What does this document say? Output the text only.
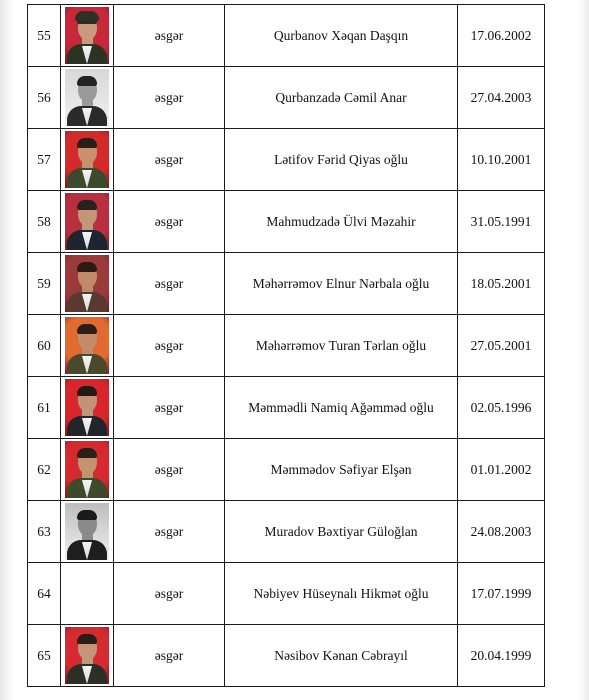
55		əsgər	Qurbanov Xəqan Daşqın	17.06.2002
56		əsgər	Qurbanzadə Cəmil Anar	27.04.2003
57		əsgər	Lətifov Fərid Qiyas oğlu	10.10.2001
58		əsgər	Mahmudzadə Ülvi Məzahir	31.05.1991
59		əsgər	Məhərrəmov Elnur Nərbala oğlu	18.05.2001
60		əsgər	Məhərrəmov Turan Tərlan oğlu	27.05.2001
61		əsgər	Məmmədli Namiq Ağəmməd oğlu	02.05.1996
62		əsgər	Məmmədov Səfiyar Elşən	01.01.2002
63		əsgər	Muradov Bəxtiyar Güloğlan	24.08.2003
64		əsgər	Nəbiyev Hüseynalı Hikmət oğlu	17.07.1999
65		əsgər	Nəsibov Kənan Cəbrayıl	20.04.1999
